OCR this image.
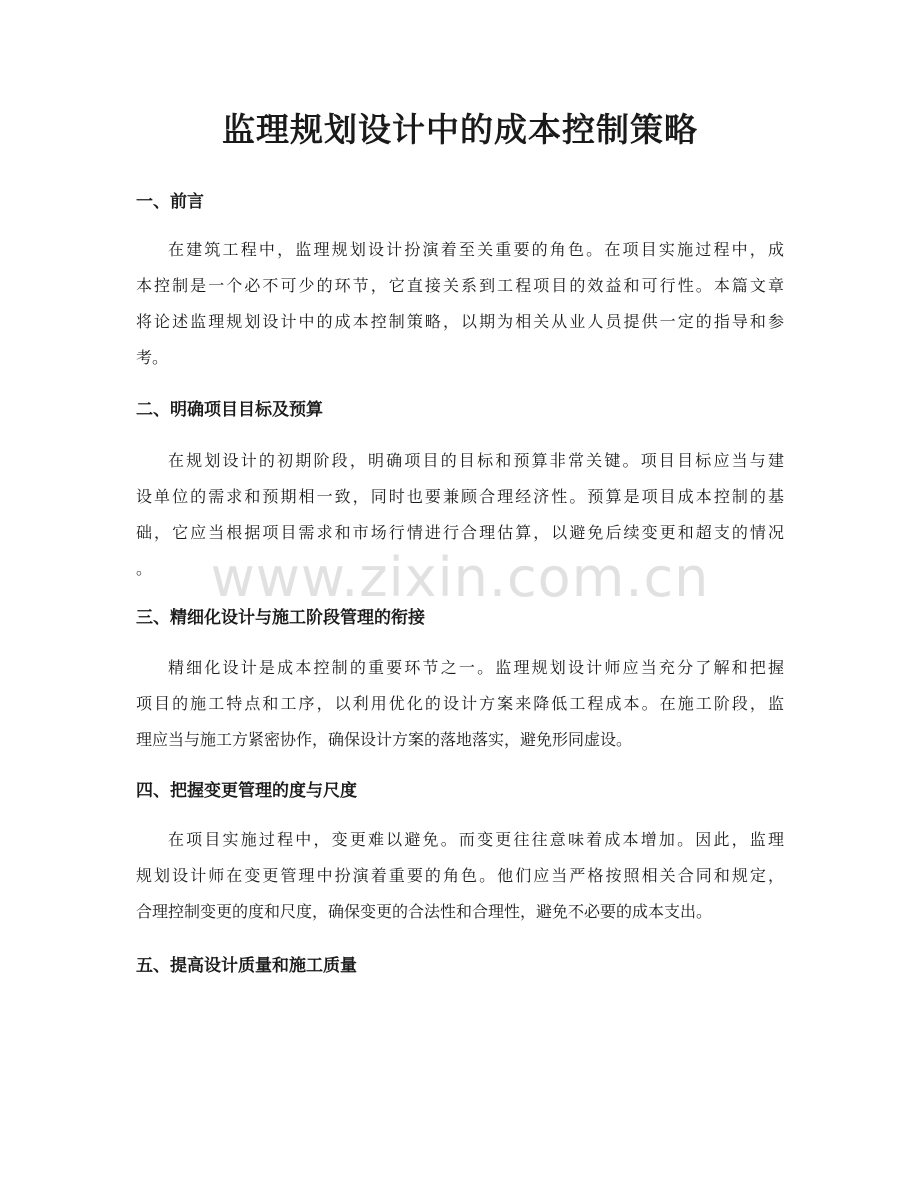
监理规划设计中的成本控制策略
一、前言
在建筑工程中，监理规划设计扮演着至关重要的角色。在项目实施过程中，成
本控制是一个必不可少的环节，它直接关系到工程项目的效益和可行性。本篇文章
将论述监理规划设计中的成本控制策略，以期为相关从业人员提供一定的指导和参
考。
二、明确项目目标及预算
在规划设计的初期阶段，明确项目的目标和预算非常关键。项目目标应当与建
设单位的需求和预期相一致，同时也要兼顾合理经济性。预算是项目成本控制的基
础，它应当根据项目需求和市场行情进行合理估算，以避免后续变更和超支的情况
。
三、精细化设计与施工阶段管理的衔接
精细化设计是成本控制的重要环节之一。监理规划设计师应当充分了解和把握
项目的施工特点和工序，以利用优化的设计方案来降低工程成本。在施工阶段，监
理应当与施工方紧密协作，确保设计方案的落地落实，避免形同虚设。
四、把握变更管理的度与尺度
在项目实施过程中，变更难以避免。而变更往往意味着成本增加。因此，监理
规划设计师在变更管理中扮演着重要的角色。他们应当严格按照相关合同和规定，
合理控制变更的度和尺度，确保变更的合法性和合理性，避免不必要的成本支出。
五、提高设计质量和施工质量
www.zixin.com.cn
